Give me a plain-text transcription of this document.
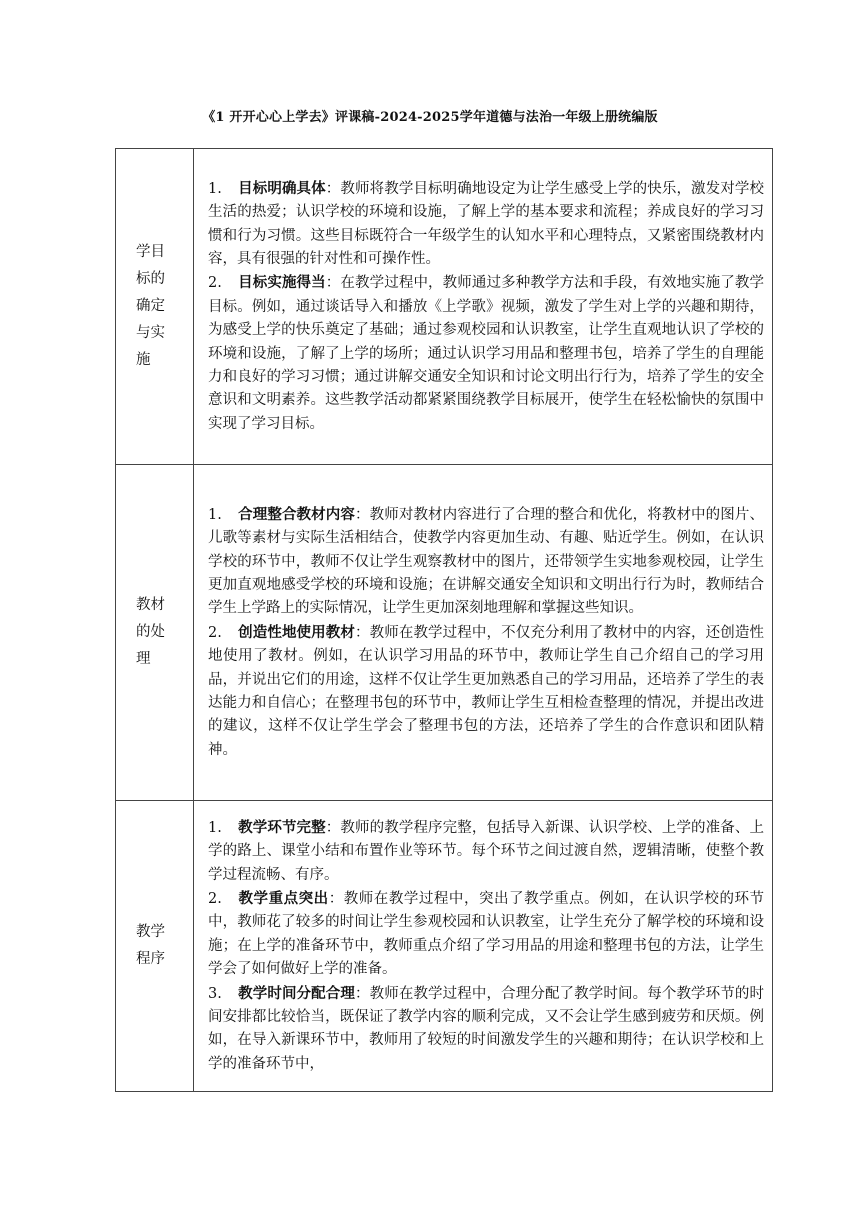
《1 开开心心上学去》评课稿-2024-2025学年道德与法治一年级上册统编版
学目标的确定与实施	1. 目标明确具体：教师将教学目标明确地设定为让学生感受上学的快乐，激发对学校生活的热爱；认识学校的环境和设施，了解上学的基本要求和流程；养成良好的学习习惯和行为习惯。这些目标既符合一年级学生的认知水平和心理特点，又紧密围绕教材内容，具有很强的针对性和可操作性。

2. 目标实施得当：在教学过程中，教师通过多种教学方法和手段，有效地实施了教学目标。例如，通过谈话导入和播放《上学歌》视频，激发了学生对上学的兴趣和期待，为感受上学的快乐奠定了基础；通过参观校园和认识教室，让学生直观地认识了学校的环境和设施，了解了上学的场所；通过认识学习用品和整理书包，培养了学生的自理能力和良好的学习习惯；通过讲解交通安全知识和讨论文明出行行为，培养了学生的安全意识和文明素养。这些教学活动都紧紧围绕教学目标展开，使学生在轻松愉快的氛围中实现了学习目标。

教材的处理	1. 合理整合教材内容：教师对教材内容进行了合理的整合和优化，将教材中的图片、儿歌等素材与实际生活相结合，使教学内容更加生动、有趣、贴近学生。例如，在认识学校的环节中，教师不仅让学生观察教材中的图片，还带领学生实地参观校园，让学生更加直观地感受学校的环境和设施；在讲解交通安全知识和文明出行行为时，教师结合学生上学路上的实际情况，让学生更加深刻地理解和掌握这些知识。

2. 创造性地使用教材：教师在教学过程中，不仅充分利用了教材中的内容，还创造性地使用了教材。例如，在认识学习用品的环节中，教师让学生自己介绍自己的学习用品，并说出它们的用途，这样不仅让学生更加熟悉自己的学习用品，还培养了学生的表达能力和自信心；在整理书包的环节中，教师让学生互相检查整理的情况，并提出改进的建议，这样不仅让学生学会了整理书包的方法，还培养了学生的合作意识和团队精神。

教学程序	1. 教学环节完整：教师的教学程序完整，包括导入新课、认识学校、上学的准备、上学的路上、课堂小结和布置作业等环节。每个环节之间过渡自然，逻辑清晰，使整个教学过程流畅、有序。

2. 教学重点突出：教师在教学过程中，突出了教学重点。例如，在认识学校的环节中，教师花了较多的时间让学生参观校园和认识教室，让学生充分了解学校的环境和设施；在上学的准备环节中，教师重点介绍了学习用品的用途和整理书包的方法，让学生学会了如何做好上学的准备。

3. 教学时间分配合理：教师在教学过程中，合理分配了教学时间。每个教学环节的时间安排都比较恰当，既保证了教学内容的顺利完成，又不会让学生感到疲劳和厌烦。例如，在导入新课环节中，教师用了较短的时间激发学生的兴趣和期待；在认识学校和上学的准备环节中，
